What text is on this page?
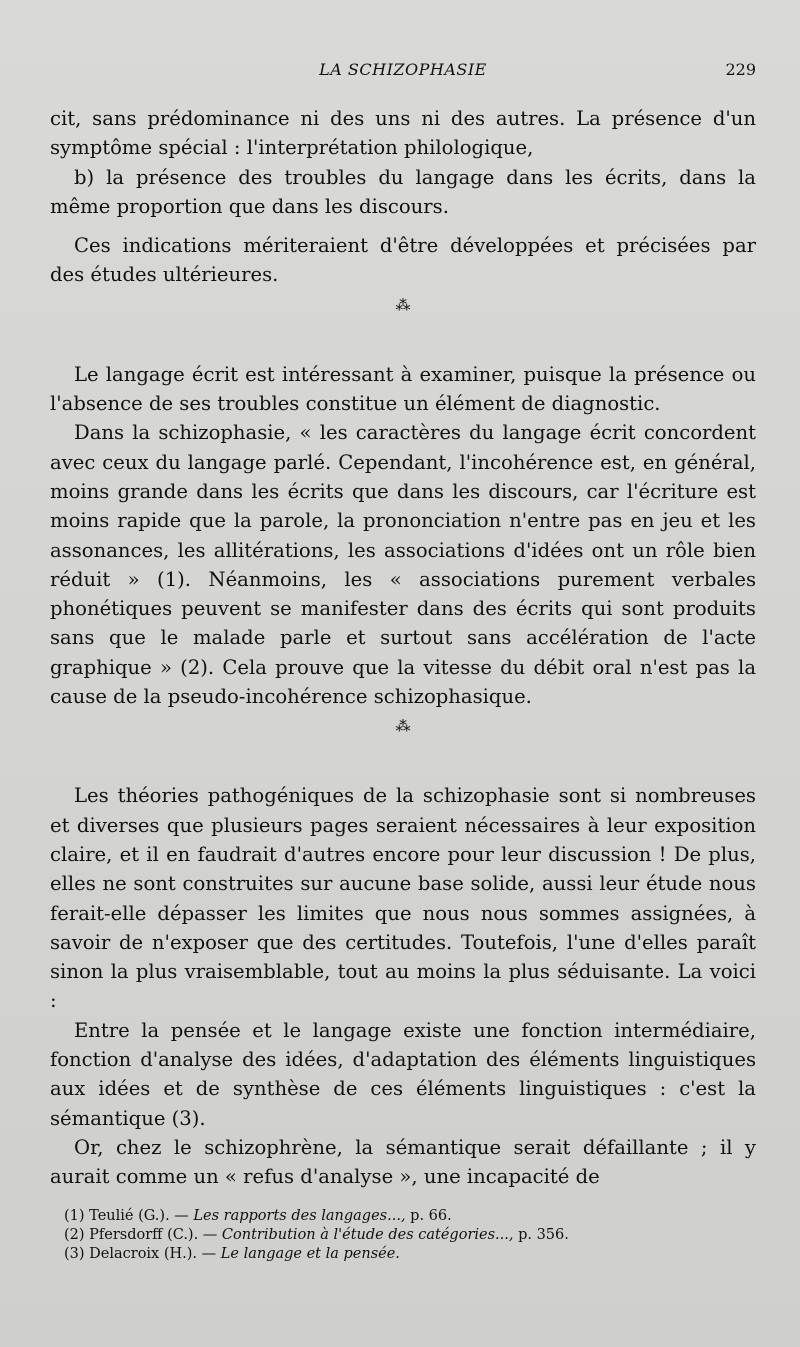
LA SCHIZOPHASIE	229

cit, sans prédominance ni des uns ni des autres. La présence d'un symptôme spécial : l'interprétation philologique,

b) la présence des troubles du langage dans les écrits, dans la même proportion que dans les discours.

Ces indications mériteraient d'être développées et précisées par des études ultérieures.

⁂

Le langage écrit est intéressant à examiner, puisque la présence ou l'absence de ses troubles constitue un élément de diagnostic.

Dans la schizophasie, « les caractères du langage écrit concordent avec ceux du langage parlé. Cependant, l'incohérence est, en général, moins grande dans les écrits que dans les discours, car l'écriture est moins rapide que la parole, la prononciation n'entre pas en jeu et les assonances, les allitérations, les associations d'idées ont un rôle bien réduit » (1). Néanmoins, les « associations purement verbales phonétiques peuvent se manifester dans des écrits qui sont produits sans que le malade parle et surtout sans accélération de l'acte graphique » (2). Cela prouve que la vitesse du débit oral n'est pas la cause de la pseudo-incohérence schizophasique.

⁂

Les théories pathogéniques de la schizophasie sont si nombreuses et diverses que plusieurs pages seraient nécessaires à leur exposition claire, et il en faudrait d'autres encore pour leur discussion ! De plus, elles ne sont construites sur aucune base solide, aussi leur étude nous ferait-elle dépasser les limites que nous nous sommes assignées, à savoir de n'exposer que des certitudes. Toutefois, l'une d'elles paraît sinon la plus vraisemblable, tout au moins la plus séduisante. La voici :

Entre la pensée et le langage existe une fonction intermédiaire, fonction d'analyse des idées, d'adaptation des éléments linguistiques aux idées et de synthèse de ces éléments linguistiques : c'est la sémantique (3).

Or, chez le schizophrène, la sémantique serait défaillante ; il y aurait comme un « refus d'analyse », une incapacité de

(1) Teulié (G.). — Les rapports des langages..., p. 66.
(2) Pfersdorff (C.). — Contribution à l'étude des catégories..., p. 356.
(3) Delacroix (H.). — Le langage et la pensée.
